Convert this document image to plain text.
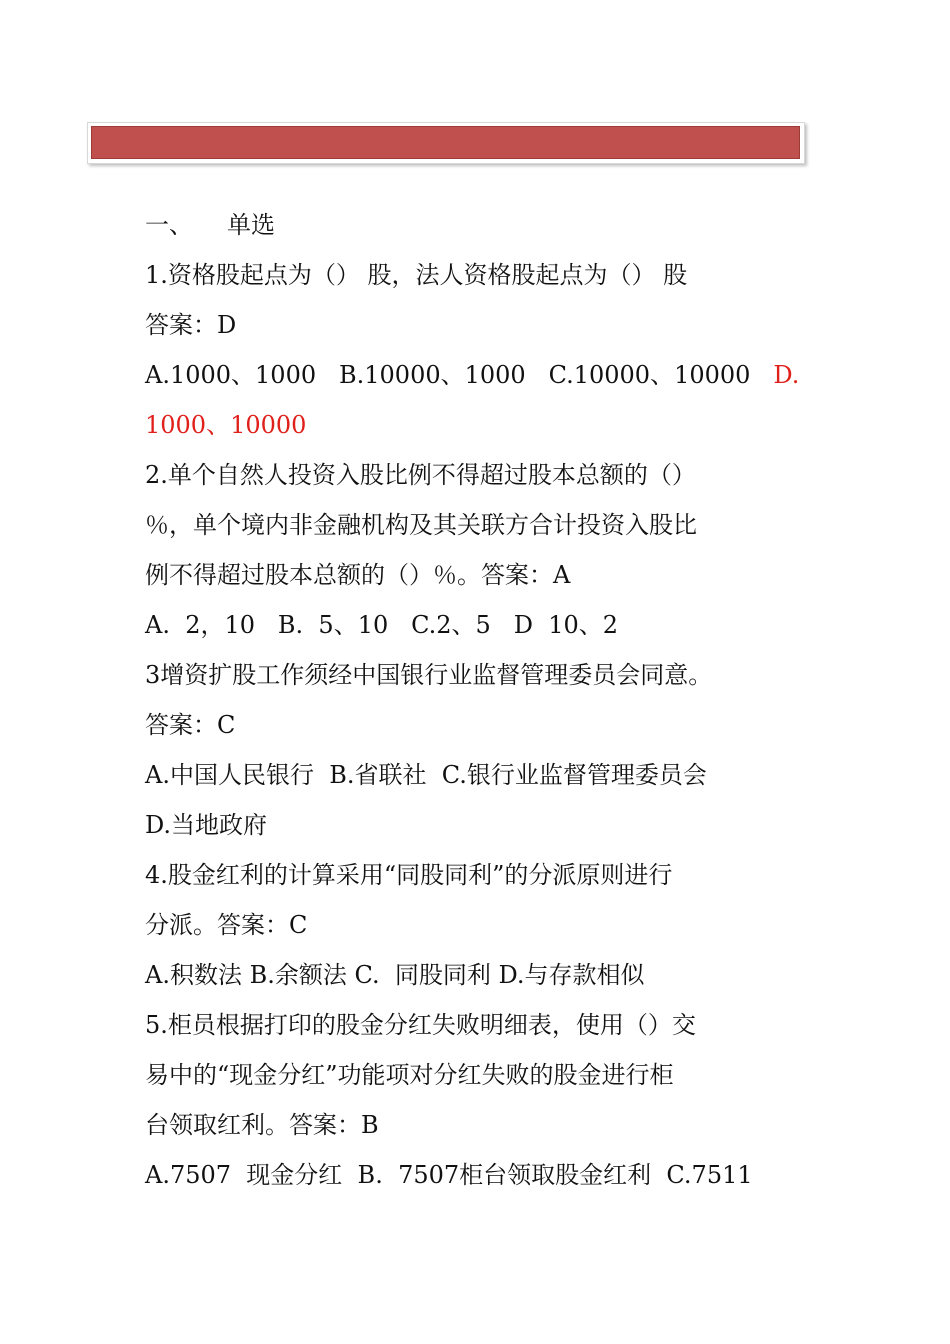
一、 单选
1.资格股起点为（） 股，法人资格股起点为（） 股
答案：D
A.1000、1000   B.10000、1000   C.10000、10000   D.
1000、10000
2.单个自然人投资入股比例不得超过股本总额的（）
％，单个境内非金融机构及其关联方合计投资入股比
例不得超过股本总额的（）％。答案：A
A.  2，10   B.  5、10   C.2、5   D  10、2
3增资扩股工作须经中国银行业监督管理委员会同意。
答案：C
A.中国人民银行  B.省联社  C.银行业监督管理委员会
D.当地政府
4.股金红利的计算采用“同股同利”的分派原则进行
分派。答案：C
A.积数法 B.余额法 C.  同股同利 D.与存款相似
5.柜员根据打印的股金分红失败明细表，使用（）交
易中的“现金分红”功能项对分红失败的股金进行柜
台领取红利。答案：B
A.7507  现金分红  B.  7507柜台领取股金红利  C.7511
